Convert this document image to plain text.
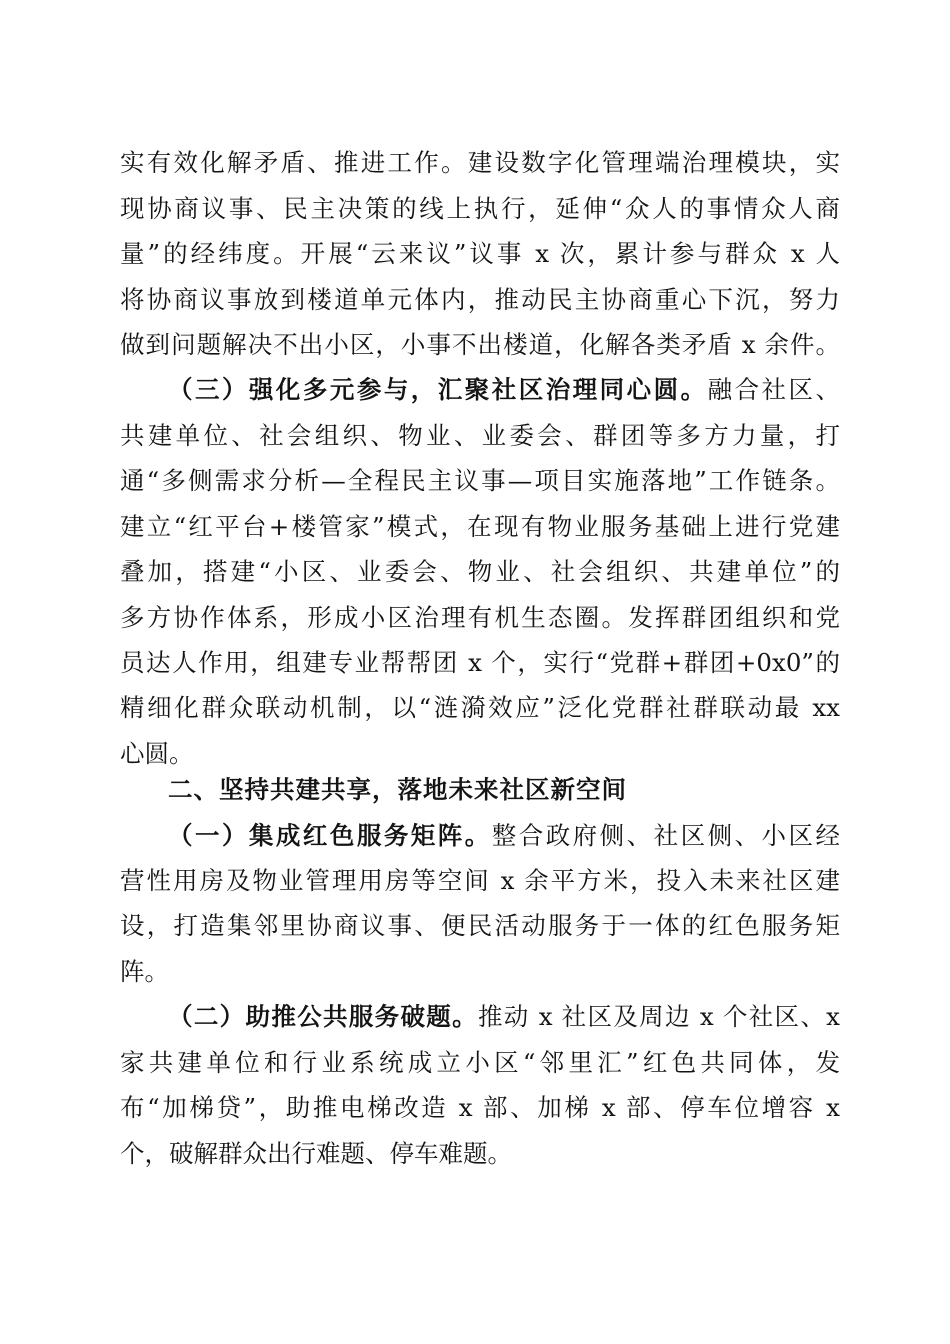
实有效化解矛盾、推进工作。建设数字化管理端治理模块，实
现协商议事、民主决策的线上执行，延伸“众人的事情众人商
量”的经纬度。开展“云来议”议事 x 次，累计参与群众 x 人
将协商议事放到楼道单元体内，推动民主协商重心下沉，努力
做到问题解决不出小区，小事不出楼道，化解各类矛盾 x 余件。
（三）强化多元参与，汇聚社区治理同心圆。融合社区、
共建单位、社会组织、物业、业委会、群团等多方力量，打
通“多侧需求分析—全程民主议事—项目实施落地”工作链条。
建立“红平台+楼管家”模式，在现有物业服务基础上进行党建
叠加，搭建“小区、业委会、物业、社会组织、共建单位”的
多方协作体系，形成小区治理有机生态圈。发挥群团组织和党
员达人作用，组建专业帮帮团 x 个，实行“党群+群团+0x0”的
精细化群众联动机制，以“涟漪效应”泛化党群社群联动最 xx
心圆。
二、坚持共建共享，落地未来社区新空间
（一）集成红色服务矩阵。整合政府侧、社区侧、小区经
营性用房及物业管理用房等空间 x 余平方米，投入未来社区建
设，打造集邻里协商议事、便民活动服务于一体的红色服务矩
阵。
（二）助推公共服务破题。推动 x 社区及周边 x 个社区、x
家共建单位和行业系统成立小区“邻里汇”红色共同体，发
布“加梯贷”，助推电梯改造 x 部、加梯 x 部、停车位增容 x
个，破解群众出行难题、停车难题。
